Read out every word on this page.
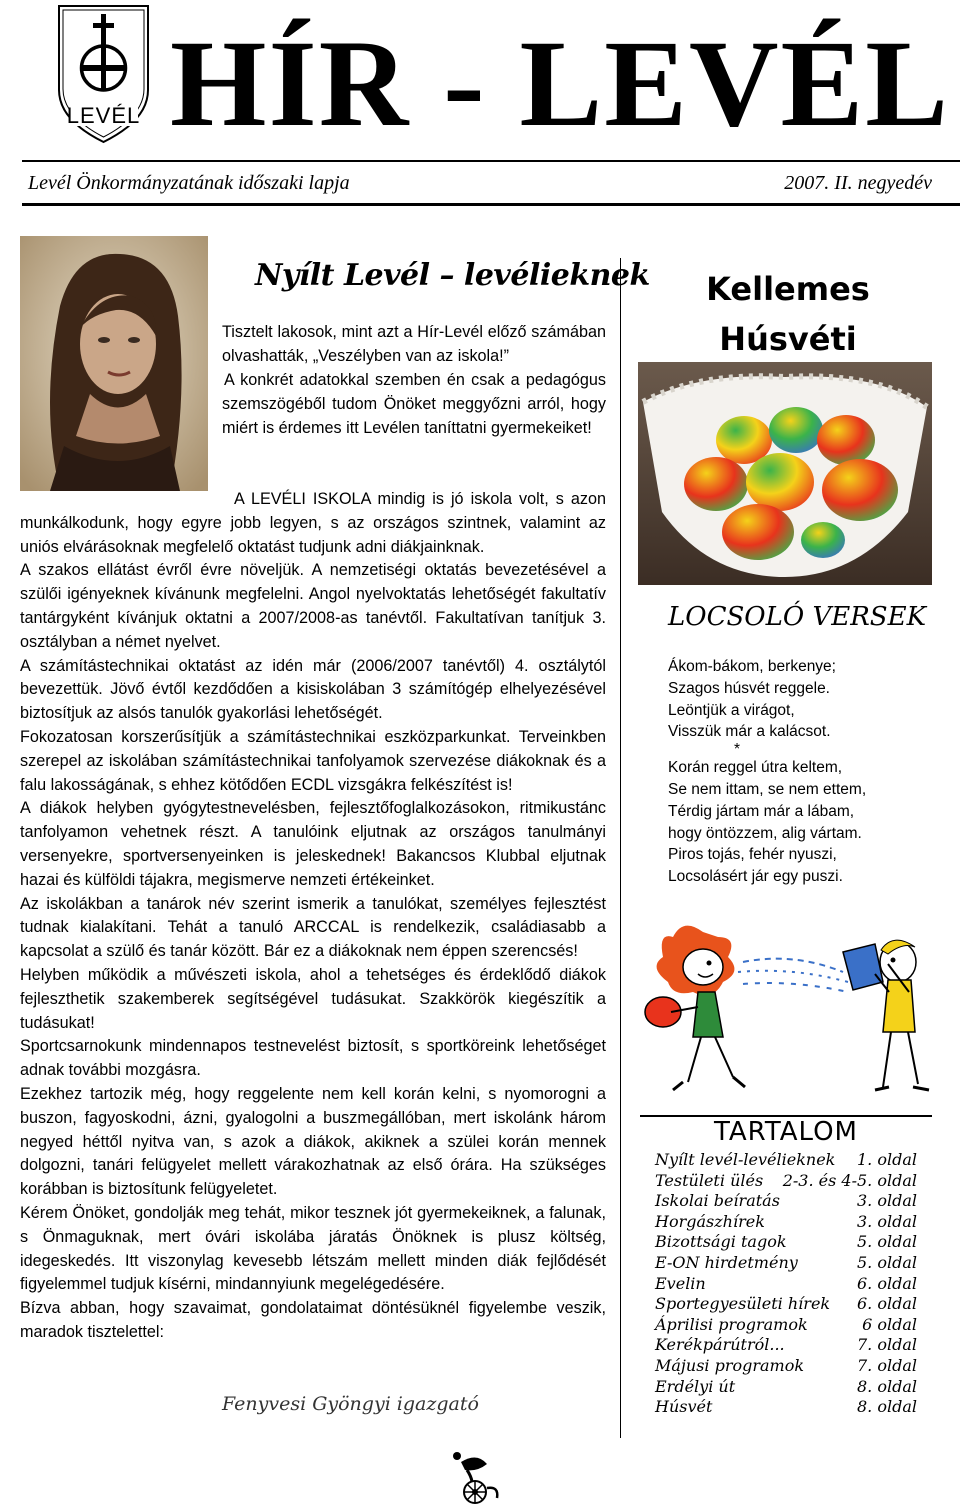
LEVÉL HÍR - LEVÉL
Levél Önkormányzatának időszaki lapja	2007. II. negyedév
Nyílt Levél – levélieknek

Tisztelt lakosok, mint azt a Hír-Levél előző számában olvashatták, „Veszélyben van az iskola!”

A konkrét adatokkal szemben én csak a pedagógus szemszögéből tudom Önöket meggyőzni arról, hogy miért is érdemes itt Levélen taníttatni gyermekeiket!

A LEVÉLI ISKOLA mindig is jó iskola volt, s azon munkálkodunk, hogy egyre jobb legyen, s az országos szintnek, valamint az uniós elvárásoknak megfelelő oktatást tudjunk adni diákjainknak.

A szakos ellátást évről évre növeljük. A nemzetiségi oktatás bevezetésével a szülői igényeknek kívánunk megfelelni. Angol nyelvoktatás lehetőségét fakultatív tantárgyként kívánjuk oktatni a 2007/2008-as tanévtől. Fakultatívan tanítjuk 3. osztályban a német nyelvet.

A számítástechnikai oktatást az idén már (2006/2007 tanévtől) 4. osztálytól bevezettük. Jövő évtől kezdődően a kisiskolában 3 számítógép elhelyezésével biztosítjuk az alsós tanulók gyakorlási lehetőségét.

Fokozatosan korszerűsítjük a számítástechnikai eszközparkunkat. Terveinkben szerepel az iskolában számítástechnikai tanfolyamok szervezése diákoknak és a falu lakosságának, s ehhez kötődően ECDL vizsgákra felkészítést is!

A diákok helyben gyógytestnevelésben, fejlesztőfoglalkozásokon, ritmikustánc tanfolyamon vehetnek részt. A tanulóink eljutnak az országos tanulmányi versenyekre, sportversenyeinken is jeleskednek! Bakancsos Klubbal eljutnak hazai és külföldi tájakra, megismerve nemzeti értékeinket.

Az iskolákban a tanárok név szerint ismerik a tanulókat, személyes fejlesztést tudnak kialakítani. Tehát a tanuló ARCCAL is rendelkezik, családiasabb a kapcsolat a szülő és tanár között. Bár ez a diákoknak nem éppen szerencsés!

Helyben működik a művészeti iskola, ahol a tehetséges és érdeklődő diákok fejleszthetik szakemberek segítségével tudásukat. Szakkörök kiegészítik a tudásukat!

Sportcsarnokunk mindennapos testnevelést biztosít, s sportköreink lehetőséget adnak további mozgásra.

Ezekhez tartozik még, hogy reggelente nem kell korán kelni, s nyomorogni a buszon, fagyoskodni, ázni, gyalogolni a buszmegállóban, mert iskolánk három negyed héttől nyitva van, s azok a diákok, akiknek a szülei korán mennek dolgozni, tanári felügyelet mellett várakozhatnak az első órára. Ha szükséges korábban is biztosítunk felügyeletet.

Kérem Önöket, gondolják meg tehát, mikor tesznek jót gyermekeiknek, a falunak, s Önmaguknak, mert óvári iskolába járatás Önöknek is plusz költség, idegeskedés. Itt viszonylag kevesebb létszám mellett minden diák fejlődését figyelemmel tudjuk kísérni, mindannyiunk megelégedésére.

Bízva abban, hogy szavaimat, gondolataimat döntésüknél figyelembe veszik, maradok tisztelettel:

Fenyvesi Gyöngyi igazgató
Kellemes Húsvéti
LOCSOLÓ VERSEK

Ákom-bákom, berkenye;

Szagos húsvét reggele.

Leöntjük a virágot,

Visszük már a kalácsot.

*

Korán reggel útra keltem,

Se nem ittam, se nem ettem,

Térdig jártam már a lábam,

hogy öntözzem, alig vártam.

Piros tojás, fehér nyuszi,

Locsolásért jár egy puszi.

TARTALOM
Nyílt levél-levélieknek 1. oldal
Testületi ülés 2-3. és 4-5. oldal
Iskolai beíratás	3. oldal
Horgászhírek	3. oldal
Bizottsági tagok	5. oldal
E-ON hirdetmény	5. oldal
Evelin	6. oldal
Sportegyesületi hírek 6. oldal
Áprilisi programok	6 oldal
Kerékpárútról...	7. oldal
Májusi programok	7. oldal
Erdélyi út	8. oldal
Húsvét	8. oldal
